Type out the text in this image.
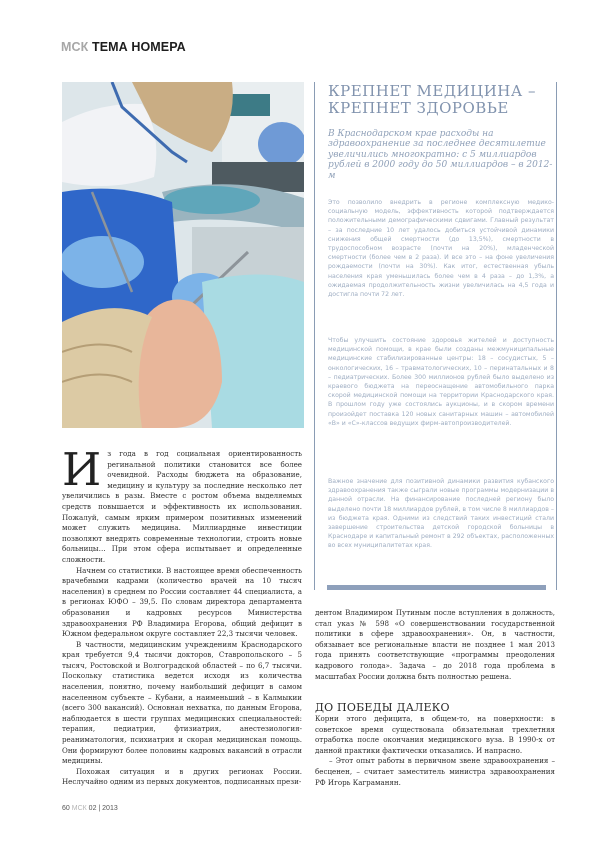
МСК ТЕМА НОМЕРА
КРЕПНЕТ МЕДИЦИНА – КРЕПНЕТ ЗДОРОВЬЕ
В Краснодарском крае расходы на здравоохранение за последнее десятилетие увеличились многократно: с 5 миллиардов рублей в 2000 году до 50 миллиардов – в 2012-м
Это позволило внедрить в регионе комплексную медико-социальную модель, эффективность которой подтверждается положительными демографическими сдвигами. Главный результат – за последние 10 лет удалось добиться устойчивой динамики снижения общей смертности (до 13,5%), смертности в трудоспособном возрасте (почти на 20%), младенческой смертности (более чем в 2 раза). И все это – на фоне увеличения рождаемости (почти на 30%). Как итог, естественная убыль населения края уменьшилась более чем в 4 раза – до 1,3%, а ожидаемая продолжительность жизни увеличилась на 4,5 года и достигла почти 72 лет.
Чтобы улучшить состояние здоровья жителей и доступность медицинской помощи, в крае были созданы межмуниципальные медицинские стабилизированные центры: 18 – сосудистых, 5 – онкологических, 16 – травматологических, 10 – перинатальных и 8 – педиатрических. Более 300 миллионов рублей было выделено из краевого бюджета на переоснащение автомобильного парка скорой медицинской помощи на территории Краснодарского края. В прошлом году уже состоялись аукционы, и в скором времени произойдет поставка 120 новых санитарных машин – автомобилей «В» и «С»-классов ведущих фирм-автопроизводителей.
Важное значение для позитивной динамики развития кубанского здравоохранения также сыграли новые программы модернизации в данной отрасли. На финансирование последней региону было выделено почти 18 миллиардов рублей, в том числе 8 миллиардов – из бюджета края. Одними из следствий таких инвестиций стали завершение строительства детской городской больницы в Краснодаре и капитальный ремонт в 292 объектах, расположенных во всех муниципалитетах края.

Из года в год социальная ориентированность регинальной политики становится все более очевидной. Расходы бюджета на образование, медицину и культуру за последние несколько лет увеличились в разы. Вместе с ростом объема выделяемых средств повышается и эффективность их использования. Пожалуй, самым ярким примером позитивных изменений может служить медицина. Миллиардные инвестиции позволяют внедрять современные технологии, строить новые больницы… При этом сфера испытывает и определенные сложности.

Начнем со статистики. В настоящее время обеспеченность врачебными кадрами (количество врачей на 10 тысяч населения) в среднем по России составляет 44 специалиста, а в регионах ЮФО – 39,5. По словам директора департамента образования и кадровых ресурсов Министерства здравоохранения РФ Владимира Егорова, общий дефицит в Южном федеральном округе составляет 22,3 тысячи человек.

В частности, медицинским учреждениям Краснодарского края требуется 9,4 тысячи докторов, Ставропольского – 5 тысяч, Ростовской и Волгоградской областей – по 6,7 тысячи. Поскольку статистика ведется исходя из количества населения, понятно, почему наибольший дефицит в самом населенном субъекте – Кубани, а наименьший – в Калмыкии (всего 300 вакансий). Основная нехватка, по данным Егорова, наблюдается в шести группах медицинских специальностей: терапия, педиатрия, фтизиатрия, анестезиология-реаниматология, психиатрия и скорая медицинская помощь. Они формируют более половины кадровых вакансий в отрасли медицины.

Похожая ситуация и в других регионах России. Неслучайно одним из первых документов, подписанных прези-

дентом Владимиром Путиным после вступления в должность, стал указ № 598 «О совершенствовании государственной политики в сфере здравоохранения». Он, в частности, обязывает все региональные власти не позднее 1 мая 2013 года принять соответствующие «программы преодоления кадрового голода». Задача – до 2018 года проблема в масштабах России должна быть полностью решена.

ДО ПОБЕДЫ ДАЛЕКО

Корни этого дефицита, в общем-то, на поверхности: в советское время существовала обязательная трехлетняя отработка после окончания медицинского вуза. В 1990-х от данной практики фактически отказались. И напрасно.

– Этот опыт работы в первичном звене здравоохранения – бесценен, – считает заместитель министра здравоохранения РФ Игорь Каграманян.

60 МСК 02 | 2013
